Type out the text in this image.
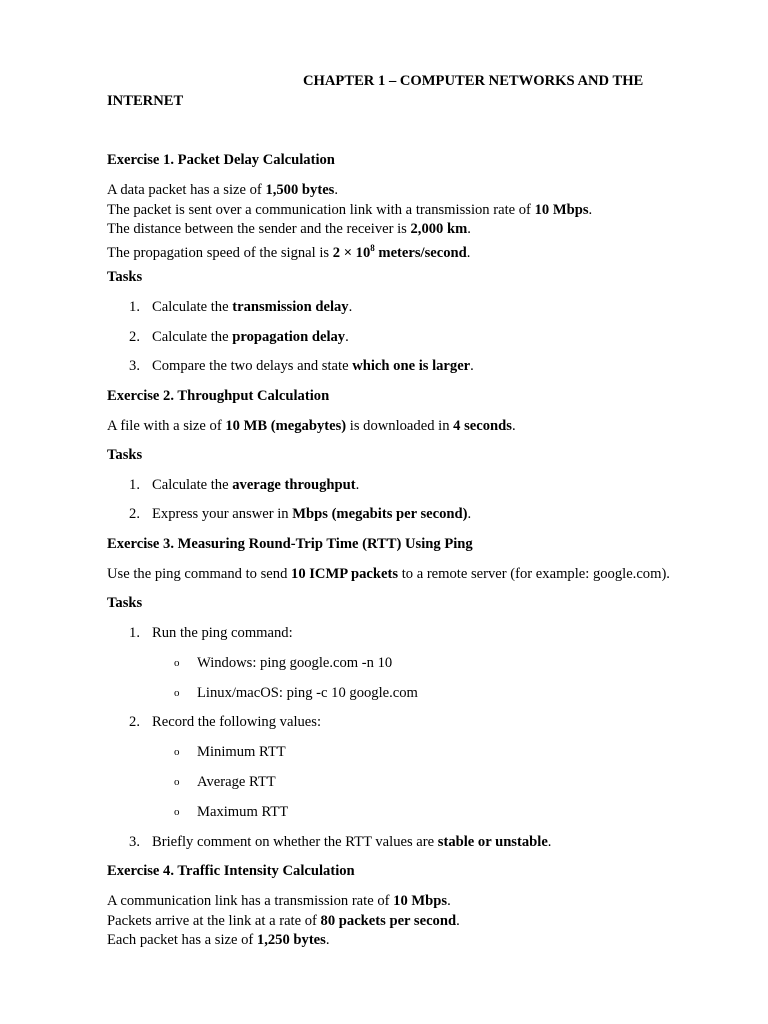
CHAPTER 1 – COMPUTER NETWORKS AND THE
INTERNET
Exercise 1. Packet Delay Calculation
A data packet has a size of 1,500 bytes.
The packet is sent over a communication link with a transmission rate of 10 Mbps.
The distance between the sender and the receiver is 2,000 km.
The propagation speed of the signal is $2 \times 10^8$ meters/second.
Tasks
1. Calculate the transmission delay.
2. Calculate the propagation delay.
3. Compare the two delays and state which one is larger.
Exercise 2. Throughput Calculation
A file with a size of 10 MB (megabytes) is downloaded in 4 seconds.
Tasks
1. Calculate the average throughput.
2. Express your answer in Mbps (megabits per second).
Exercise 3. Measuring Round-Trip Time (RTT) Using Ping
Use the ping command to send 10 ICMP packets to a remote server (for example: google.com).
Tasks
1. Run the ping command:
o Windows: ping google.com -n 10
o Linux/macOS: ping -c 10 google.com
2. Record the following values:
o Minimum RTT
o Average RTT
o Maximum RTT
3. Briefly comment on whether the RTT values are stable or unstable.
Exercise 4. Traffic Intensity Calculation
A communication link has a transmission rate of 10 Mbps.
Packets arrive at the link at a rate of 80 packets per second.
Each packet has a size of 1,250 bytes.
